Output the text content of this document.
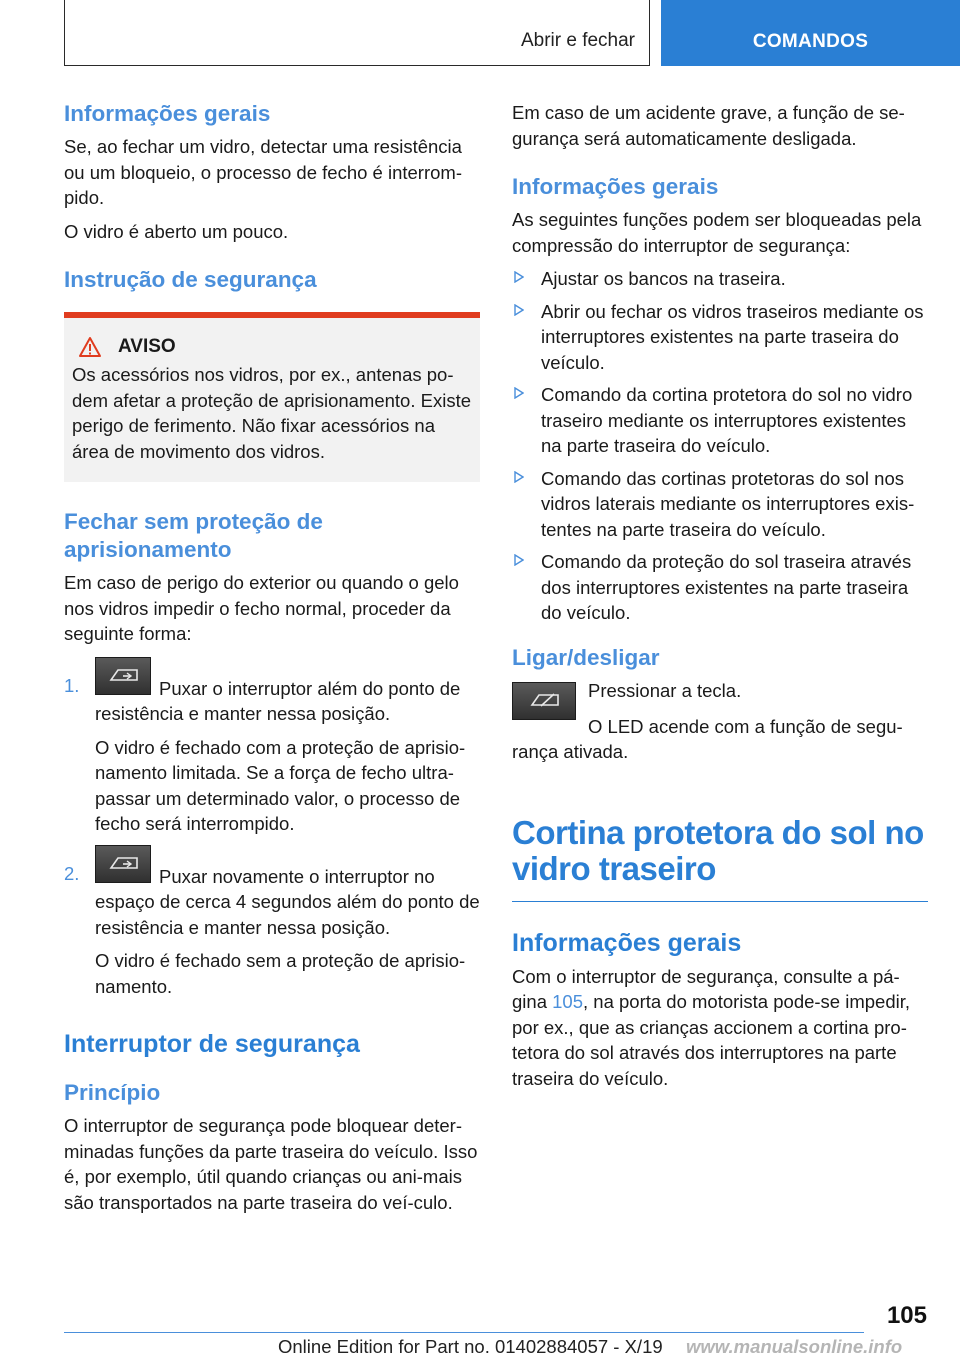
Abrir e fechar	COMANDOS
Informações gerais
Se, ao fechar um vidro, detectar uma resistência ou um bloqueio, o processo de fecho é interrom-pido.
O vidro é aberto um pouco.
Instrução de segurança
AVISO
Os acessórios nos vidros, por ex., antenas po-dem afetar a proteção de aprisionamento. Existe perigo de ferimento. Não fixar acessórios na área de movimento dos vidros.
Fechar sem proteção de aprisionamento
Em caso de perigo do exterior ou quando o gelo nos vidros impedir o fecho normal, proceder da seguinte forma:
1.	Puxar o interruptor além do ponto de resistência e manter nessa posição.
O vidro é fechado com a proteção de aprisio-namento limitada. Se a força de fecho ultra-passar um determinado valor, o processo de fecho será interrompido.
2.	Puxar novamente o interruptor no espaço de cerca 4 segundos além do ponto de resistência e manter nessa posição.
O vidro é fechado sem a proteção de aprisio-namento.
Interruptor de segurança
Princípio
O interruptor de segurança pode bloquear deter-minadas funções da parte traseira do veículo. Isso é, por exemplo, útil quando crianças ou ani-mais são transportados na parte traseira do veí-culo.
Em caso de um acidente grave, a função de se-gurança será automaticamente desligada.
Informações gerais
As seguintes funções podem ser bloqueadas pela compressão do interruptor de segurança:
Ajustar os bancos na traseira.
Abrir ou fechar os vidros traseiros mediante os interruptores existentes na parte traseira do veículo.
Comando da cortina protetora do sol no vidro traseiro mediante os interruptores existentes na parte traseira do veículo.
Comando das cortinas protetoras do sol nos vidros laterais mediante os interruptores exis-tentes na parte traseira do veículo.
Comando da proteção do sol traseira através dos interruptores existentes na parte traseira do veículo.
Ligar/desligar
Pressionar a tecla.
O LED acende com a função de segu-rança ativada.
Cortina protetora do sol no vidro traseiro
Informações gerais
Com o interruptor de segurança, consulte a pá-gina 105, na porta do motorista pode-se impedir, por ex., que as crianças accionem a cortina pro-tetora do sol através dos interruptores na parte traseira do veículo.
105
Online Edition for Part no. 01402884057 - X/19 www.manualsonline.info
